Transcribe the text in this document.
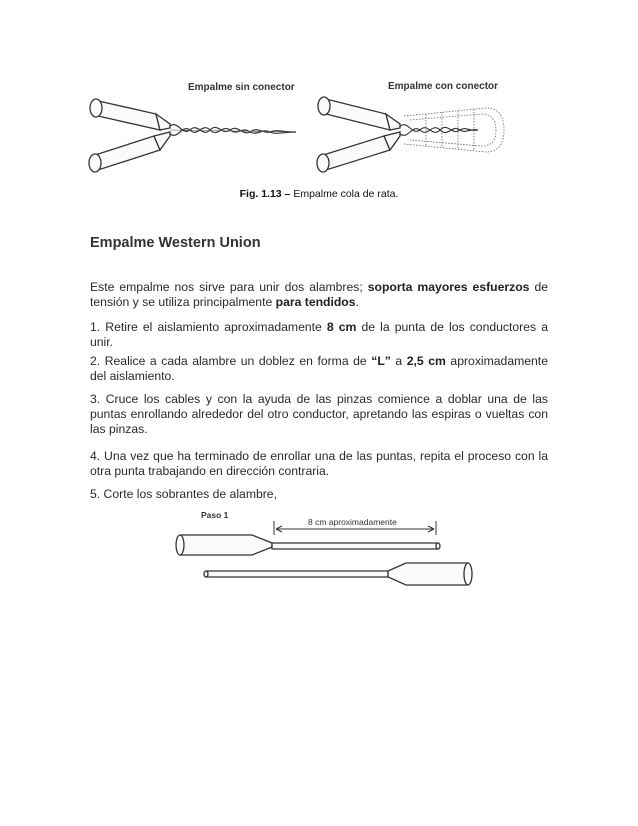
Empalme sin conector	Empalme con conector
Fig. 1.13 – Empalme cola de rata.
Empalme Western Union
Este empalme nos sirve para unir dos alambres; soporta mayores esfuerzos de tensión y se utiliza principalmente para tendidos.
1. Retire el aislamiento aproximadamente 8 cm de la punta de los conductores a unir.
2. Realice a cada alambre un doblez en forma de “L” a 2,5 cm aproximadamente del aislamiento.
3. Cruce los cables y con la ayuda de las pinzas comience a doblar una de las puntas enrollando alrededor del otro conductor, apretando las espiras o vueltas con las pinzas.
4. Una vez que ha terminado de enrollar una de las puntas, repita el proceso con la otra punta trabajando en dirección contraria.
5. Corte los sobrantes de alambre,
Paso 1
8 cm aproximadamente
